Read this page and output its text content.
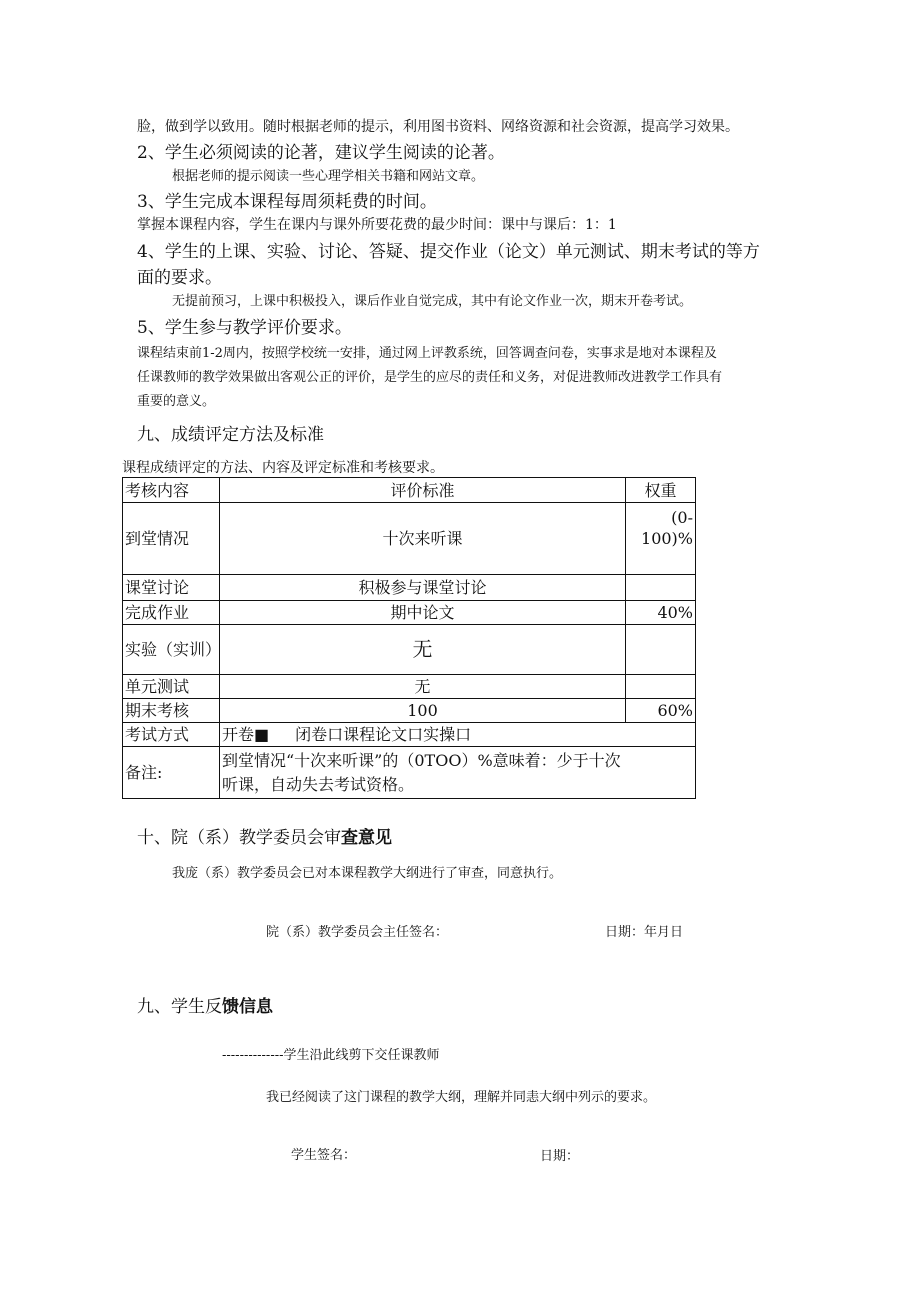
脸，做到学以致用。随时根据老师的提示，利用图书资料、网络资源和社会资源，提高学习效果。
2、学生必须阅读的论著，建议学生阅读的论著。
根据老师的提示阅读一些心理学相关书籍和网站文章。
3、学生完成本课程每周须耗费的时间。
掌握本课程内容，学生在课内与课外所要花费的最少时间：课中与课后：1：1
4、学生的上课、实验、讨论、答疑、提交作业（论文）单元测试、期末考试的等方
面的要求。
无提前预习，上课中积极投入，课后作业自觉完成，其中有论文作业一次，期末开卷考试。
5、学生参与教学评价要求。
课程结束前1-2周内，按照学校统一安排，通过网上评教系统，回答调查问卷，实事求是地对本课程及
任课教师的教学效果做出客观公正的评价，是学生的应尽的责任和义务，对促进教师改进教学工作具有
重要的意义。
九、成绩评定方法及标准
课程成绩评定的方法、内容及评定标准和考核要求。
考核内容	评价标准	权重
到堂情况	十次来听课	(0-
100)%

课堂讨论	积极参与课堂讨论	
完成作业	期中论文	40%
实验（实训）	无	
单元测试	无	
期末考核	100	60%
考试方式	开卷■ 闭卷口课程论文口实操口	
备注:	到堂情况“十次来听课”的（0TOO）%意味着：少于十次
听课，自动失去考试资格。	
十、院（系）教学委员会审查意见
我庞（系）教学委员会已对本课程教学大纲进行了审查，同意执行。
院（系）教学委员会主任签名：	日期：年月日
九、学生反馈信息
--------------学生沿此线剪下交任课教师
我已经阅读了这门课程的教学大纲，理解并同恚大纲中列示的要求。
学生签名：	日期：
